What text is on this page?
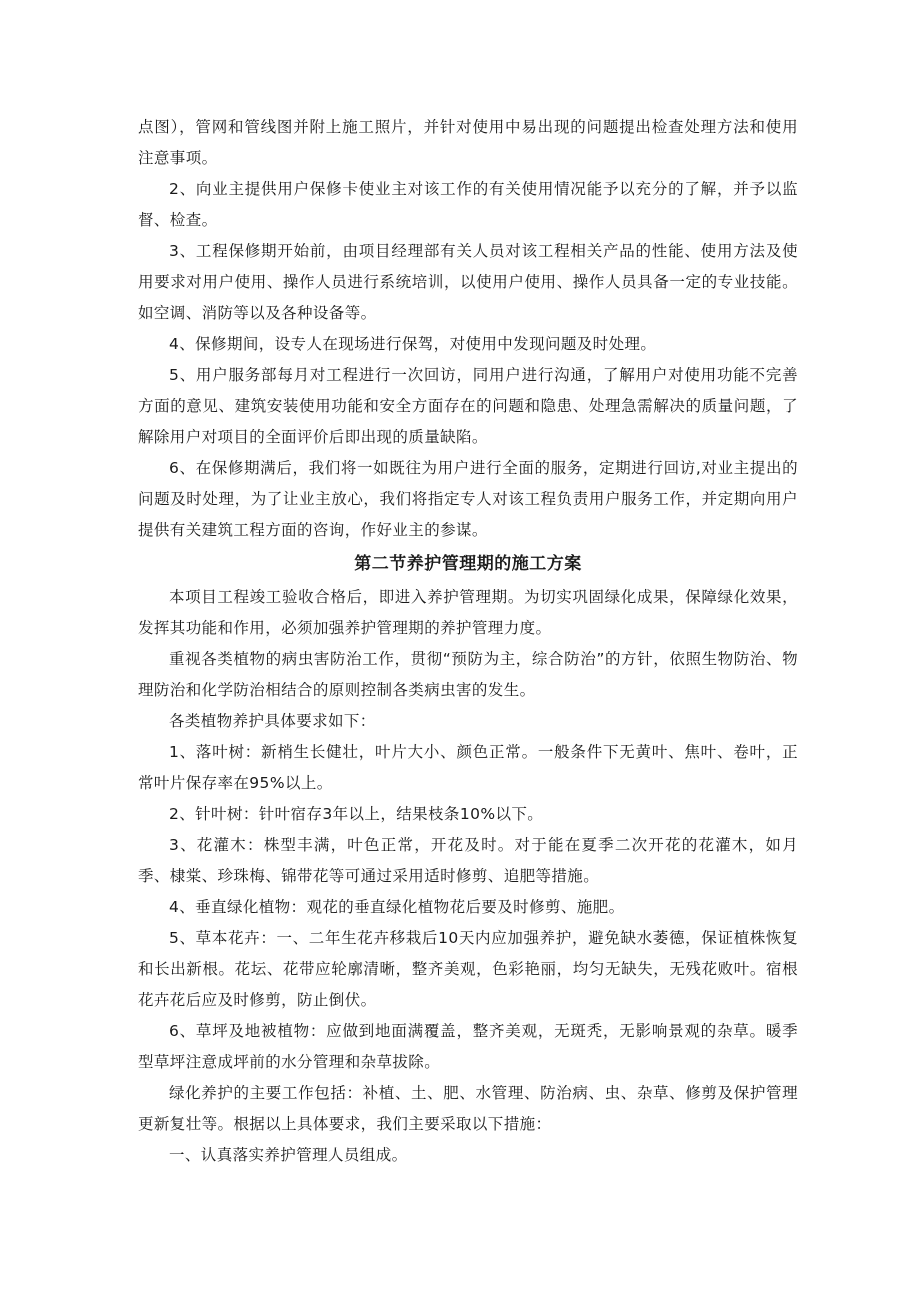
点图），管网和管线图并附上施工照片，并针对使用中易出现的问题提出检查处理方法和使用注意事项。

2、向业主提供用户保修卡使业主对该工作的有关使用情况能予以充分的了解，并予以监督、检查。

3、工程保修期开始前，由项目经理部有关人员对该工程相关产品的性能、使用方法及使用要求对用户使用、操作人员进行系统培训，以使用户使用、操作人员具备一定的专业技能。如空调、消防等以及各种设备等。

4、保修期间，设专人在现场进行保驾，对使用中发现问题及时处理。

5、用户服务部每月对工程进行一次回访，同用户进行沟通，了解用户对使用功能不完善方面的意见、建筑安装使用功能和安全方面存在的问题和隐患、处理急需解决的质量问题，了解除用户对项目的全面评价后即出现的质量缺陷。

6、在保修期满后，我们将一如既往为用户进行全面的服务，定期进行回访,对业主提出的问题及时处理，为了让业主放心，我们将指定专人对该工程负责用户服务工作，并定期向用户提供有关建筑工程方面的咨询，作好业主的参谋。

第二节养护管理期的施工方案

本项目工程竣工验收合格后，即进入养护管理期。为切实巩固绿化成果，保障绿化效果，发挥其功能和作用，必须加强养护管理期的养护管理力度。

重视各类植物的病虫害防治工作，贯彻“预防为主，综合防治”的方针，依照生物防治、物理防治和化学防治相结合的原则控制各类病虫害的发生。

各类植物养护具体要求如下：

1、落叶树：新梢生长健壮，叶片大小、颜色正常。一般条件下无黄叶、焦叶、卷叶，正常叶片保存率在95%以上。

2、针叶树：针叶宿存3年以上，结果枝条10%以下。

3、花灌木：株型丰满，叶色正常，开花及时。对于能在夏季二次开花的花灌木，如月季、棣棠、珍珠梅、锦带花等可通过采用适时修剪、追肥等措施。

4、垂直绿化植物：观花的垂直绿化植物花后要及时修剪、施肥。

5、草本花卉：一、二年生花卉移栽后10天内应加强养护，避免缺水萎德，保证植株恢复和长出新根。花坛、花带应轮廓清晰，整齐美观，色彩艳丽，均匀无缺失，无残花败叶。宿根花卉花后应及时修剪，防止倒伏。

6、草坪及地被植物：应做到地面满覆盖，整齐美观，无斑秃，无影响景观的杂草。暖季型草坪注意成坪前的水分管理和杂草拔除。

绿化养护的主要工作包括：补植、土、肥、水管理、防治病、虫、杂草、修剪及保护管理更新复壮等。根据以上具体要求，我们主要采取以下措施：

一、认真落实养护管理人员组成。
